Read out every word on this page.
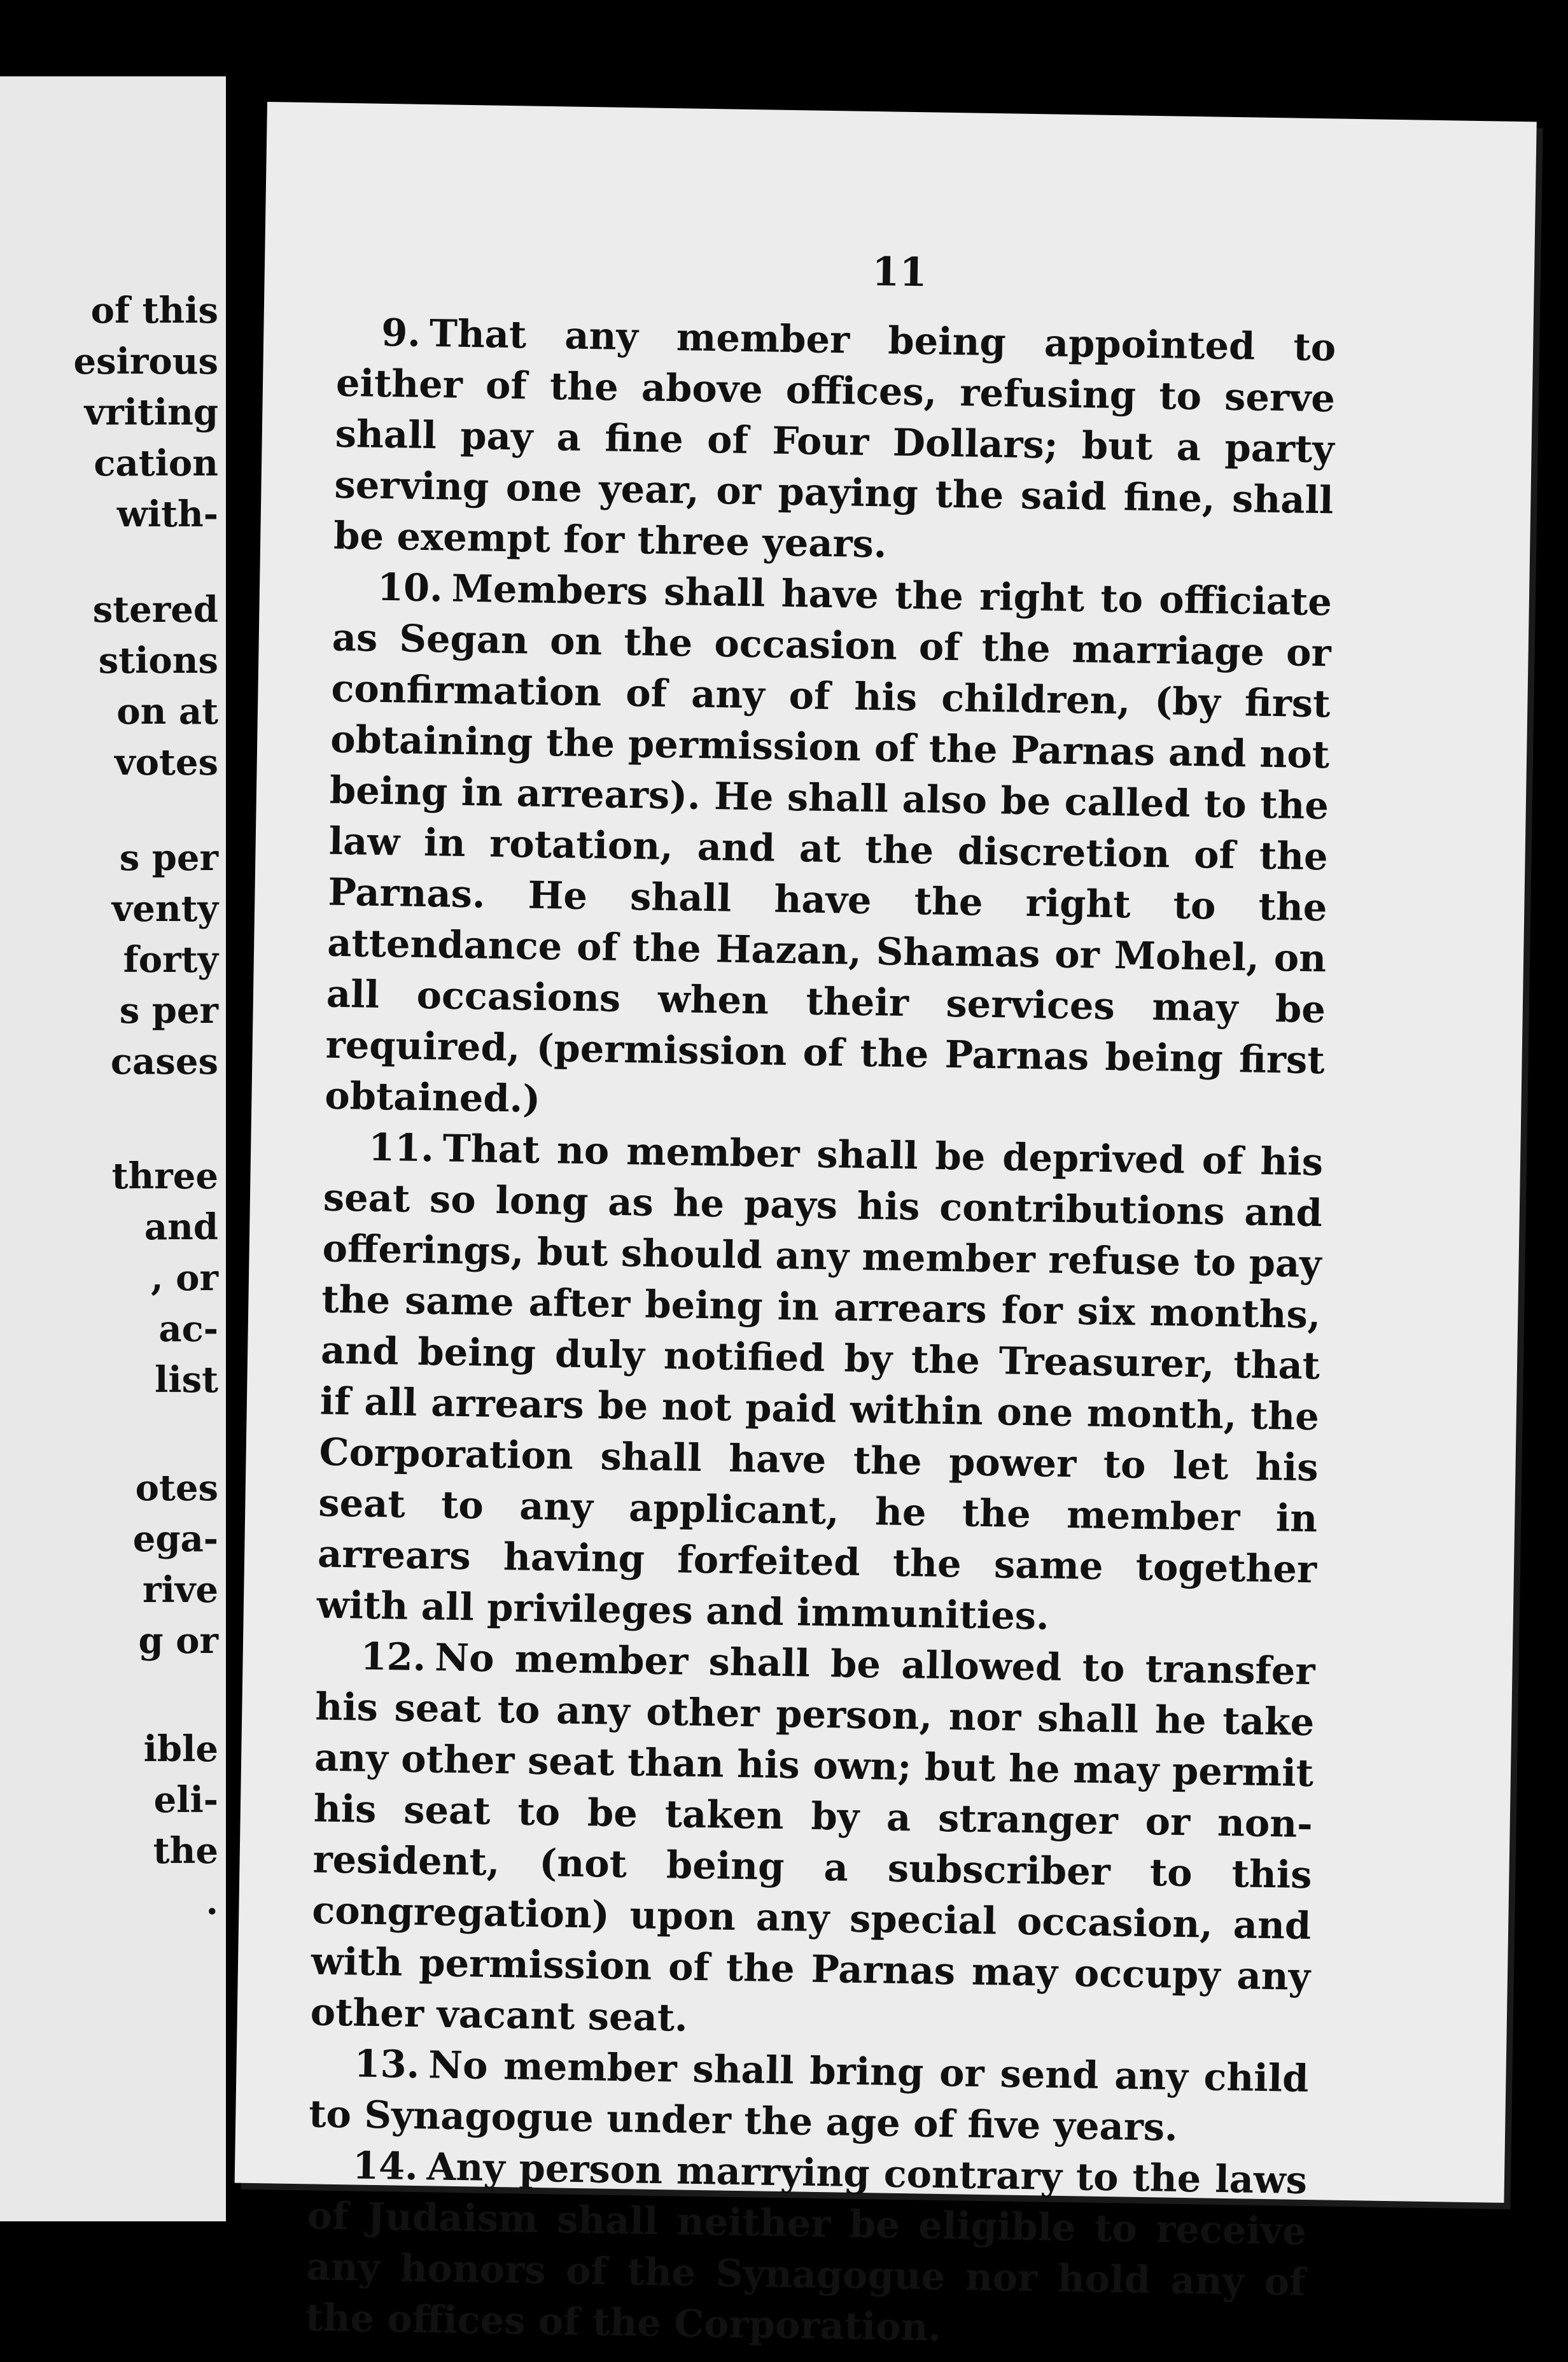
of this
esirous
vriting
cation
with-
stered
stions
on at
votes
s per
venty
forty
s per
cases
three
and
, or
ac-
list
otes
ega-
rive
g or
ible
eli-
the
.
11

9. That any member being appointed to either of the above offices, refusing to serve shall pay a fine of Four Dollars; but a party serving one year, or paying the said fine, shall be exempt for three years.

10. Members shall have the right to officiate as Segan on the occasion of the marriage or confirmation of any of his children, (by first obtaining the permission of the Parnas and not being in arrears). He shall also be called to the law in rotation, and at the discretion of the Parnas. He shall have the right to the attendance of the Hazan, Shamas or Mohel, on all occasions when their services may be required, (permission of the Parnas being first obtained.)

11. That no member shall be deprived of his seat so long as he pays his contributions and offerings, but should any member refuse to pay the same after being in arrears for six months, and being duly notified by the Treasurer, that if all arrears be not paid within one month, the Corporation shall have the power to let his seat to any applicant, he the member in arrears having forfeited the same together with all privileges and immunities.

12. No member shall be allowed to transfer his seat to any other person, nor shall he take any other seat than his own; but he may permit his seat to be taken by a stranger or non-resident, (not being a subscriber to this congregation) upon any special occasion, and with permission of the Parnas may occupy any other vacant seat.

13. No member shall bring or send any child to Synagogue under the age of five years.

14. Any person marrying contrary to the laws of Judaism shall neither be eligible to receive any honors of the Synagogue nor hold any of the offices of the Corporation.
